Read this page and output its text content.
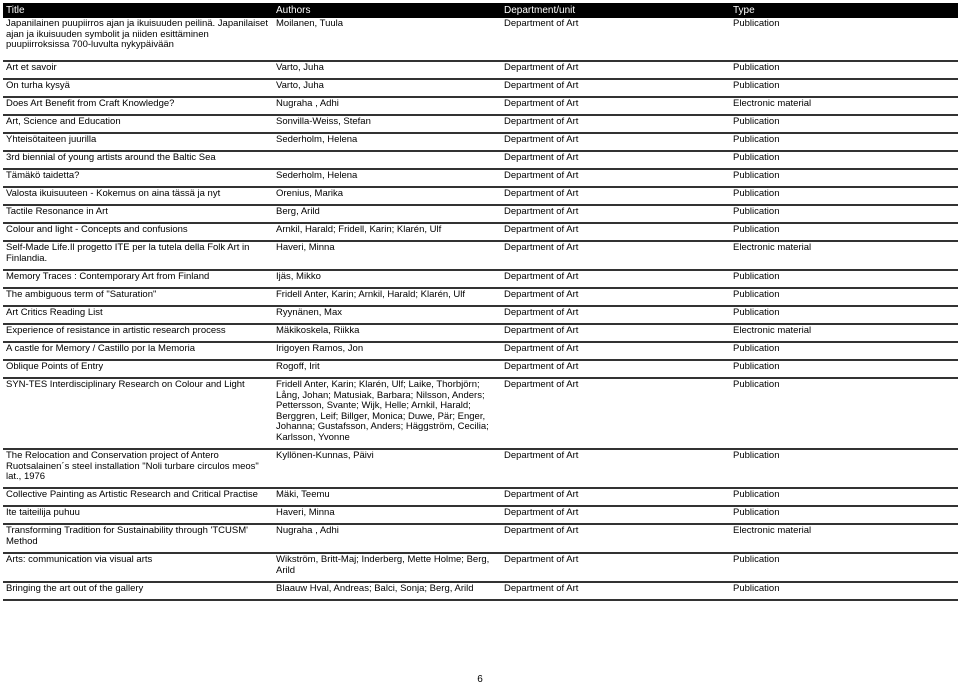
Title	Authors	Department/unit	Type
Japanilainen puupiirros ajan ja ikuisuuden peilinä. Japanilaiset ajan ja ikuisuuden symbolit ja niiden esittäminen puupiirroksissa 700-luvulta nykypäivään	Moilanen, Tuula	Department of Art	Publication
Art et savoir	Varto, Juha	Department of Art	Publication
On turha kysyä	Varto, Juha	Department of Art	Publication
Does Art Benefit from Craft Knowledge?	Nugraha , Adhi	Department of Art	Electronic material
Art, Science and Education	Sonvilla-Weiss, Stefan	Department of Art	Publication
Yhteisötaiteen juurilla	Sederholm, Helena	Department of Art	Publication
3rd biennial of young artists around the Baltic Sea		Department of Art	Publication
Tämäkö taidetta?	Sederholm, Helena	Department of Art	Publication
Valosta ikuisuuteen - Kokemus on aina tässä ja nyt	Orenius, Marika	Department of Art	Publication
Tactile Resonance in Art	Berg, Arild	Department of Art	Publication
Colour and light - Concepts and confusions	Arnkil, Harald; Fridell, Karin; Klarén, Ulf	Department of Art	Publication
Self-Made Life.Il progetto ITE per la tutela della Folk Art in Finlandia.	Haveri, Minna	Department of Art	Electronic material
Memory Traces : Contemporary Art from Finland	Ijäs, Mikko	Department of Art	Publication
The ambiguous term of "Saturation"	Fridell Anter, Karin; Arnkil, Harald; Klarén, Ulf	Department of Art	Publication
Art Critics Reading List	Ryynänen, Max	Department of Art	Publication
Experience of resistance in artistic research process	Mäkikoskela, Riikka	Department of Art	Electronic material
A castle for Memory / Castillo por la Memoria	Irigoyen Ramos, Jon	Department of Art	Publication
Oblique Points of Entry	Rogoff, Irit	Department of Art	Publication
SYN-TES Interdisciplinary Research on Colour and Light	Fridell Anter, Karin; Klarén, Ulf; Laike, Thorbjörn; Lång, Johan; Matusiak, Barbara; Nilsson, Anders; Pettersson, Svante; Wijk, Helle; Arnkil, Harald; Berggren, Leif; Billger, Monica; Duwe, Pär; Enger, Johanna; Gustafsson, Anders; Häggström, Cecilia; Karlsson, Yvonne	Department of Art	Publication
The Relocation and Conservation project of Antero Ruotsalainen´s steel installation "Noli turbare circulos meos" lat., 1976	Kyllönen-Kunnas, Päivi	Department of Art	Publication
Collective Painting as Artistic Research and Critical Practise	Mäki, Teemu	Department of Art	Publication
Ite taiteilija puhuu	Haveri, Minna	Department of Art	Publication
Transforming Tradition for Sustainability through 'TCUSM' Method	Nugraha , Adhi	Department of Art	Electronic material
Arts: communication via visual arts	Wikström, Britt-Maj; Inderberg, Mette Holme; Berg, Arild	Department of Art	Publication
Bringing the art out of the gallery	Blaauw Hval, Andreas; Balci, Sonja; Berg, Arild	Department of Art	Publication
6
